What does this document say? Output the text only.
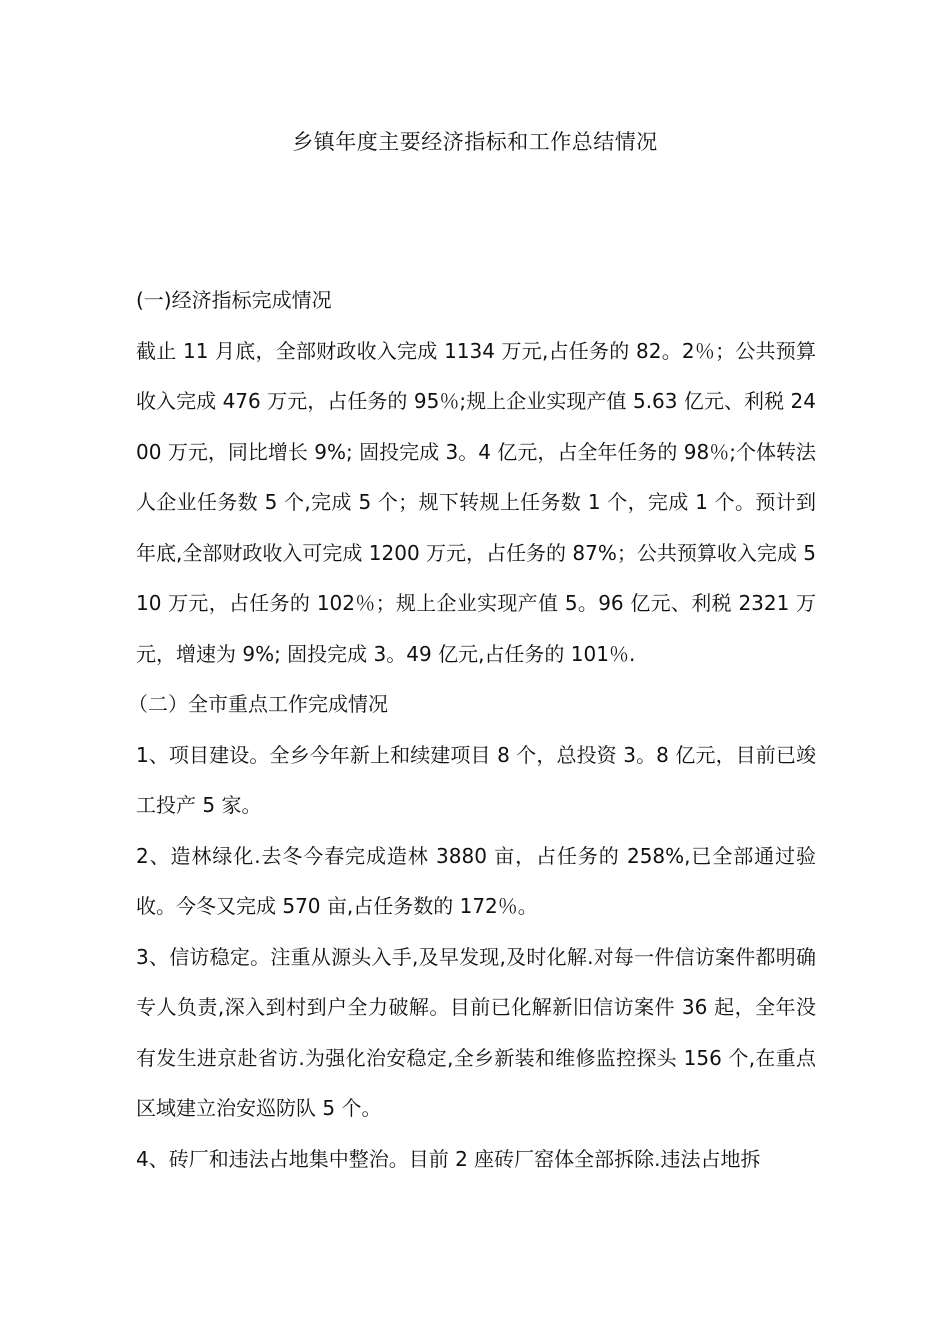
乡镇年度主要经济指标和工作总结情况

(一)经济指标完成情况

截止 11 月底，全部财政收入完成 1134 万元,占任务的 82。2％；公共预算收入完成 476 万元，占任务的 95％;规上企业实现产值 5.63 亿元、利税 2400 万元，同比增长 9%; 固投完成 3。4 亿元，占全年任务的 98％;个体转法人企业任务数 5 个,完成 5 个；规下转规上任务数 1 个，完成 1 个。预计到年底,全部财政收入可完成 1200 万元，占任务的 87%；公共预算收入完成 510 万元，占任务的 102％；规上企业实现产值 5。96 亿元、利税 2321 万元，增速为 9%; 固投完成 3。49 亿元,占任务的 101％.

（二）全市重点工作完成情况

1、项目建设。全乡今年新上和续建项目 8 个，总投资 3。8 亿元，目前已竣工投产 5 家。

2、造林绿化.去冬今春完成造林 3880 亩，占任务的 258%,已全部通过验收。今冬又完成 570 亩,占任务数的 172％。

3、信访稳定。注重从源头入手,及早发现,及时化解.对每一件信访案件都明确专人负责,深入到村到户全力破解。目前已化解新旧信访案件 36 起，全年没有发生进京赴省访.为强化治安稳定,全乡新装和维修监控探头 156 个,在重点区域建立治安巡防队 5 个。

4、砖厂和违法占地集中整治。目前 2 座砖厂窑体全部拆除.违法占地拆
